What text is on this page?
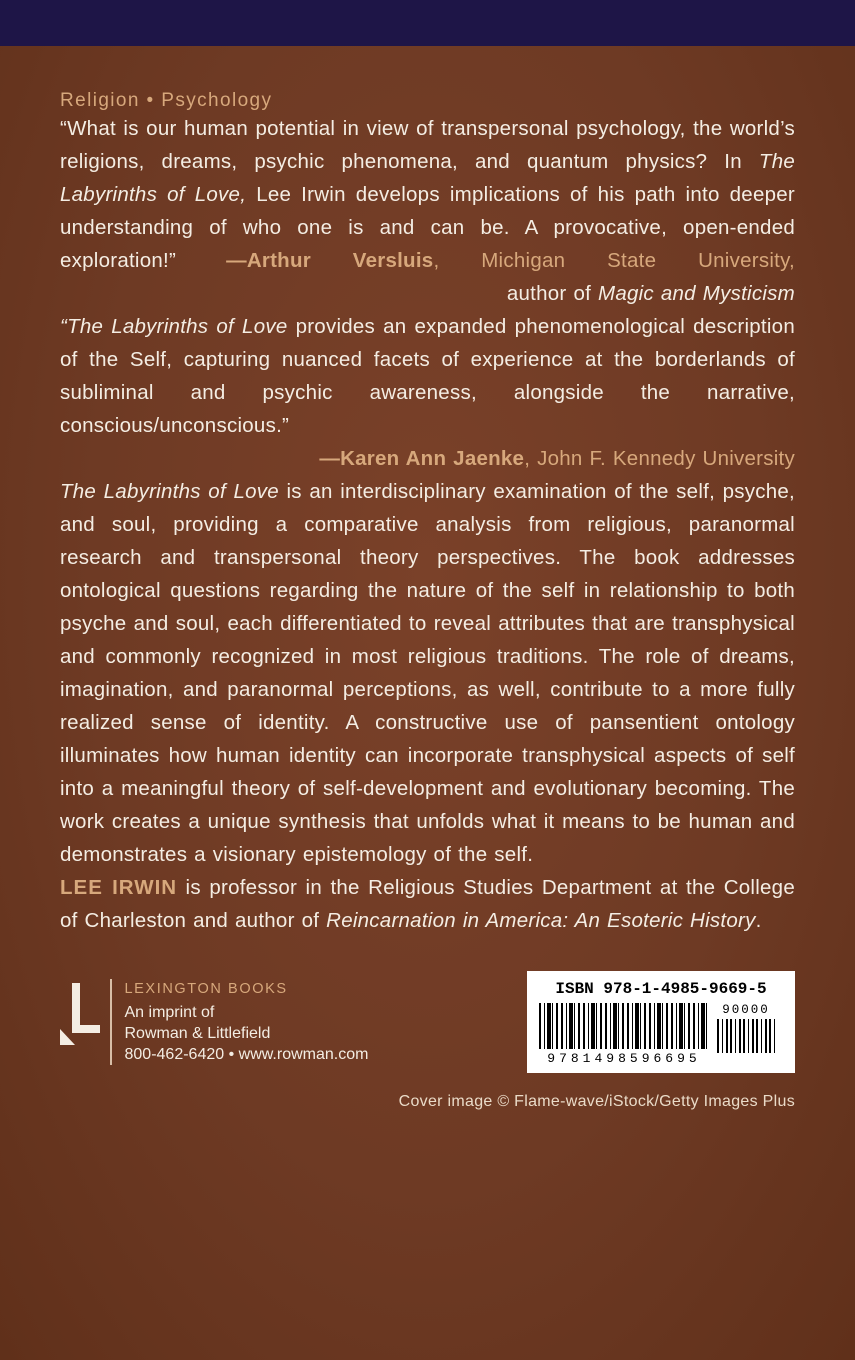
Religion • Psychology

“What is our human potential in view of transpersonal psychology, the world’s religions, dreams, psychic phenomena, and quantum physics? In The Labyrinths of Love, Lee Irwin develops implications of his path into deeper understanding of who one is and can be. A provocative, open-ended exploration!” —Arthur Versluis, Michigan State University,

author of Magic and Mysticism

“The Labyrinths of Love provides an expanded phenomenological description of the Self, capturing nuanced facets of experience at the borderlands of subliminal and psychic awareness, alongside the narrative, conscious/unconscious.”

—Karen Ann Jaenke, John F. Kennedy University

The Labyrinths of Love is an interdisciplinary examination of the self, psyche, and soul, providing a comparative analysis from religious, paranormal research and transpersonal theory perspectives. The book addresses ontological questions regarding the nature of the self in relationship to both psyche and soul, each differentiated to reveal attributes that are transphysical and commonly recognized in most religious traditions. The role of dreams, imagination, and paranormal perceptions, as well, contribute to a more fully realized sense of identity. A constructive use of pansentient ontology illuminates how human identity can incorporate transphysical aspects of self into a meaningful theory of self-development and evolutionary becoming. The work creates a unique synthesis that unfolds what it means to be human and demonstrates a visionary epistemology of the self.

LEE IRWIN is professor in the Religious Studies Department at the College of Charleston and author of Reincarnation in America: An Esoteric History.

LEXINGTON BOOKS
An imprint of
Rowman & Littlefield
800-462-6420 • www.rowman.com
ISBN 978-1-4985-9669-5
9781498596695
90000
Cover image © Flame-wave/iStock/Getty Images Plus
